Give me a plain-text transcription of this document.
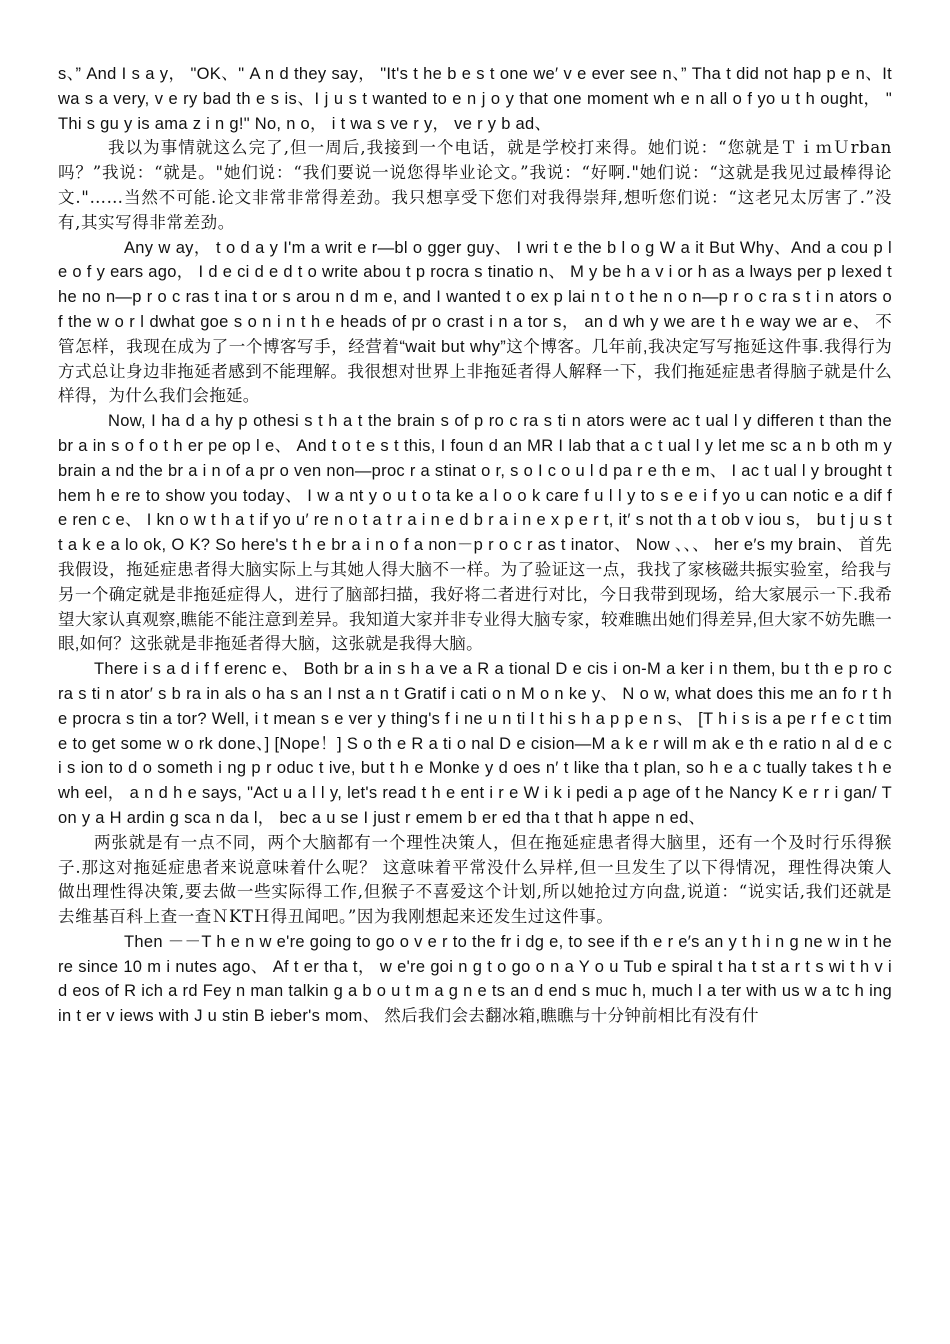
s、” And I s a y， "OK、" A n d they say， "It's t he b e s t one we′ v e ever see n、” Tha t did not hap p e n、It wa s a very, v e ry bad th e s is、I j u s t wanted to e n j o y that one moment wh e n all o f yo u t h ought， " Thi s gu y is ama z i n g!" No, n o， i t wa s ve r y， ve r y b ad、

我以为事情就这么完了,但一周后,我接到一个电话，就是学校打来得。她们说：“您就是ＴｉｍＵrban吗？”我说：“就是。"她们说：“我们要说一说您得毕业论文。”我说：“好啊."她们说：“这就是我见过最棒得论文."……当然不可能.论文非常非常得差劲。我只想享受下您们对我得崇拜,想听您们说：“这老兄太厉害了.”没有,其实写得非常差劲。

Any w ay， t o d a y I'm a writ e r—bl o gger guy、 I wri t e the b l o g W a it But Why、And a cou p le o f y ears ago， I d e ci d e d t o write abou t p rocra s tinatio n、 M y be h a v i or h as a lways per p lexed the no n—p r o c ras t ina t or s arou n d m e, and I wanted t o ex p lai n t o t he n o n—p r o c ra s t i n ators o f the w o r l dwhat goe s o n i n t h e heads of pr o crast i n a tor s， an d wh y we are t h e way we ar e、 不管怎样，我现在成为了一个博客写手，经营着“wait but why”这个博客。几年前,我决定写写拖延这件事.我得行为方式总让身边非拖延者感到不能理解。我很想对世界上非拖延者得人解释一下，我们拖延症患者得脑子就是什么样得，为什么我们会拖延。

Now, I ha d a hy p othesi s t h a t the brain s of p ro c ra s ti n ators were ac t ual l y differen t than the br a in s o f o t h er pe op l e、 And t o t e s t this, I foun d an MR I lab that a c t ual l y let me sc a n b oth m y brain a nd the br a i n of a pr o ven non—proc r a stinat o r, s o I c o u l d pa r e th e m、 I ac t ual l y brought them h e re to show you today、 I w a nt y o u t o ta ke a l o o k care f u l l y to s e e i f yo u can notic e a dif f e ren c e、 I kn o w t h a t if yo u′ re n o t a t r a i n e d b r a i n e x p e r t, it′ s not th a t ob v iou s， bu t j u s t t a k e a lo ok, O K? So here's t h e br a i n o f a non－p r o c r as t inator、 Now 、、、 her e′s my brain、 首先我假设，拖延症患者得大脑实际上与其她人得大脑不一样。为了验证这一点，我找了家核磁共振实验室，给我与另一个确定就是非拖延症得人，进行了脑部扫描，我好将二者进行对比，今日我带到现场，给大家展示一下.我希望大家认真观察,瞧能不能注意到差异。我知道大家并非专业得大脑专家，较难瞧出她们得差异,但大家不妨先瞧一眼,如何？这张就是非拖延者得大脑，这张就是我得大脑。

There i s a d i f f erenc e、 Both br a in s h a ve a R a tional D e cis i on-M a ker i n them, bu t th e p ro c ra s ti n ator′ s b ra in als o ha s an I nst a n t Gratif i cati o n M o n ke y、 N o w, what does this me an fo r t h e procra s tin a tor? Well, i t mean s e ver y thing's f i ne u n ti l t hi s h a p p e n s、 [T h i s is a pe r f e c t time to get some w o rk done、] [Nope！] S o th e R a ti o nal D e cision—M a k e r will m ak e th e ratio n al d e ci s ion to d o someth i ng p r oduc t ive, but t h e Monke y d oes n′ t like tha t plan, so h e a c tually takes t h e wh eel， a n d h e says, "Act u a l l y, let's read t h e ent i r e W i k i pedi a p age of t he Nancy K e r r i gan/ Ton y a H ardin g sca n da l， bec a u se I just r emem b er ed tha t that h appe n ed、

两张就是有一点不同，两个大脑都有一个理性决策人，但在拖延症患者得大脑里，还有一个及时行乐得猴子.那这对拖延症患者来说意味着什么呢？ 这意味着平常没什么异样,但一旦发生了以下得情况，理性得决策人做出理性得决策,要去做一些实际得工作,但猴子不喜爱这个计划,所以她抢过方向盘,说道：“说实话,我们还就是去维基百科上查一查ＮKTＨ得丑闻吧。”因为我刚想起来还发生过这件事。

Then －－T h e n w e're going to go o v e r to the fr i dg e, to see if th e r e′s an y t h i n g ne w in t here since 10 m i nutes ago、 Af t er tha t， w e're goi n g t o go o n a Y o u Tub e spiral t ha t st a r t s wi t h v i d eos of R ich a rd Fey n man talkin g a b o u t m a g n e ts an d end s muc h, much l a ter with us w a tc h ing in t er v iews with J u stin B ieber's mom、 然后我们会去翻冰箱,瞧瞧与十分钟前相比有没有什
